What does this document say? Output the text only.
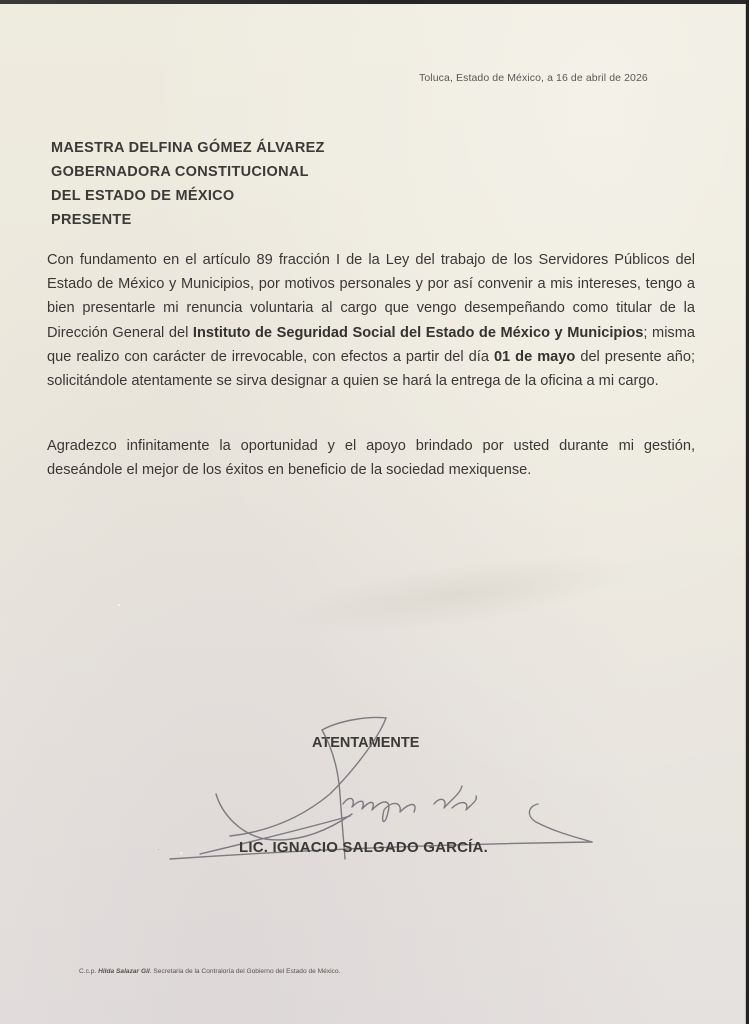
Toluca, Estado de México, a 16 de abril de 2026
MAESTRA DELFINA GÓMEZ ÁLVAREZ
GOBERNADORA CONSTITUCIONAL
DEL ESTADO DE MÉXICO
PRESENTE
Con fundamento en el artículo 89 fracción I de la Ley del trabajo de los Servidores Públicos del Estado de México y Municipios, por motivos personales y por así convenir a mis intereses, tengo a bien presentarle mi renuncia voluntaria al cargo que vengo desempeñando como titular de la Dirección General del Instituto de Seguridad Social del Estado de México y Municipios; misma que realizo con carácter de irrevocable, con efectos a partir del día 01 de mayo del presente año; solicitándole atentamente se sirva designar a quien se hará la entrega de la oficina a mi cargo.
Agradezco infinitamente la oportunidad y el apoyo brindado por usted durante mi gestión, deseándole el mejor de los éxitos en beneficio de la sociedad mexiquense.
ATENTAMENTE
LIC. IGNACIO SALGADO GARCÍA.
C.c.p. Hilda Salazar Gil. Secretaria de la Contraloría del Gobierno del Estado de México.
